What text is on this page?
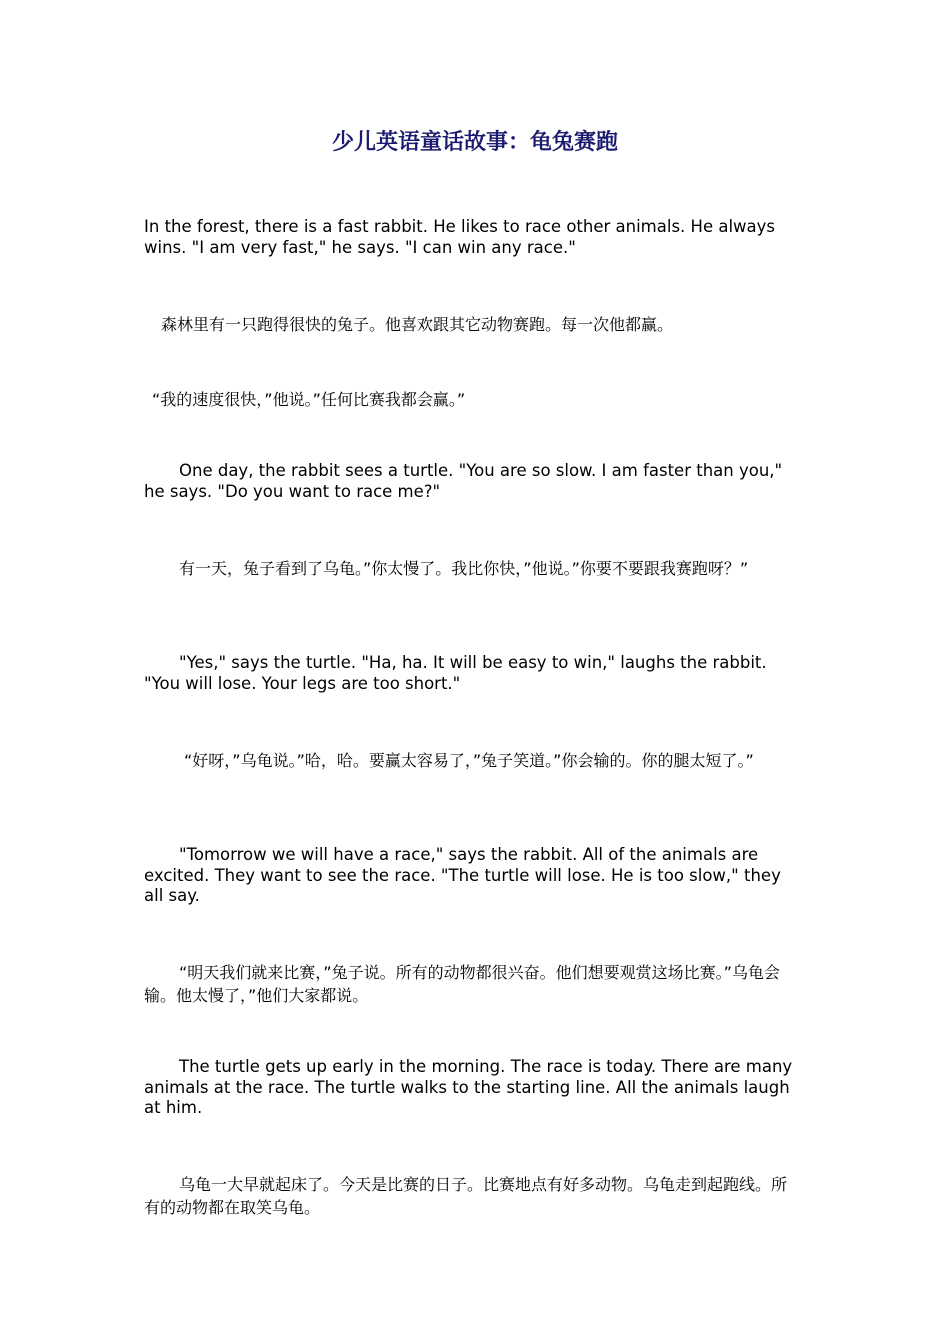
少儿英语童话故事：龟兔赛跑

In the forest, there is a fast rabbit. He likes to race other animals. He always wins. "I am very fast," he says. "I can win any race."

森林里有一只跑得很快的兔子。他喜欢跟其它动物赛跑。每一次他都赢。

“我的速度很快，”他说。”任何比赛我都会赢。”

One day, the rabbit sees a turtle. "You are so slow. I am faster than you," he says. "Do you want to race me?"

有一天，兔子看到了乌龟。”你太慢了。我比你快，”他说。”你要不要跟我赛跑呀？”

"Yes," says the turtle. "Ha, ha. It will be easy to win," laughs the rabbit. "You will lose. Your legs are too short."

“好呀，”乌龟说。”哈，哈。要赢太容易了，”兔子笑道。”你会输的。你的腿太短了。”

"Tomorrow we will have a race," says the rabbit. All of the animals are excited. They want to see the race. "The turtle will lose. He is too slow," they all say.

“明天我们就来比赛，”兔子说。所有的动物都很兴奋。他们想要观赏这场比赛。”乌龟会输。他太慢了，”他们大家都说。

The turtle gets up early in the morning. The race is today. There are many animals at the race. The turtle walks to the starting line. All the animals laugh at him.

乌龟一大早就起床了。今天是比赛的日子。比赛地点有好多动物。乌龟走到起跑线。所有的动物都在取笑乌龟。
